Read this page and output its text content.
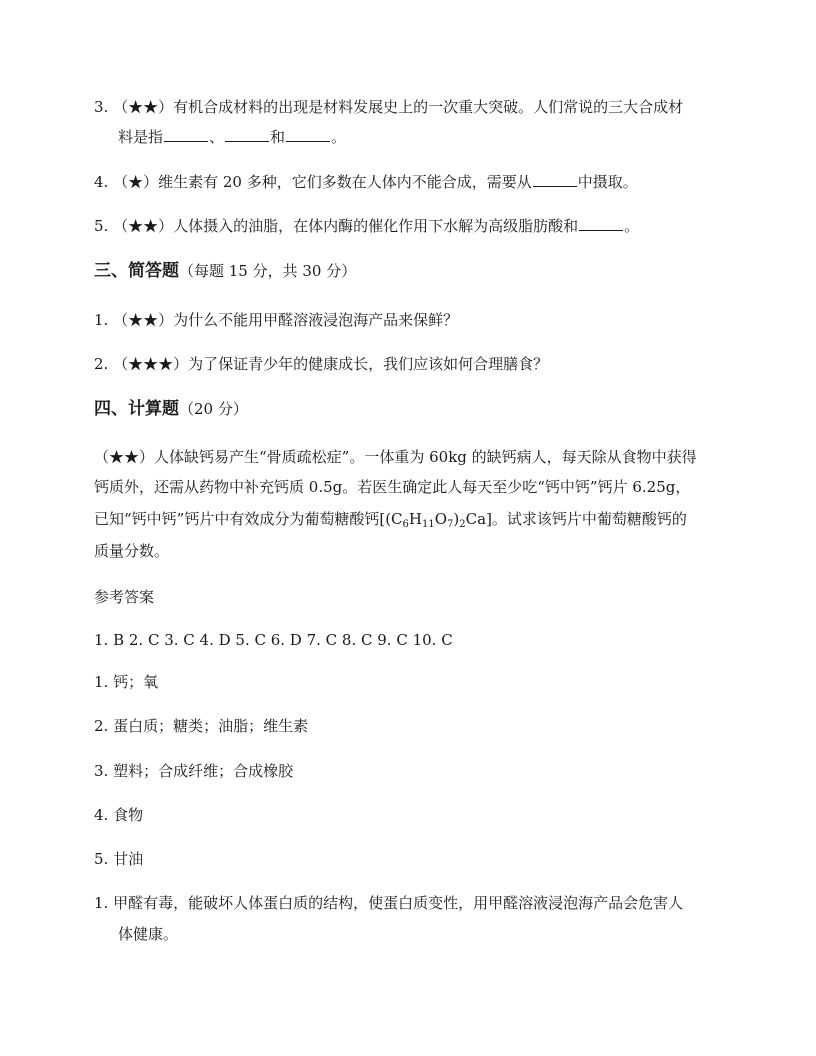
3. （★★）有机合成材料的出现是材料发展史上的一次重大突破。人们常说的三大合成材
料是指	、	和	。
4. （★）维生素有 20 多种，它们多数在人体内不能合成，需要从	中摄取。
5. （★★）人体摄入的油脂，在体内酶的催化作用下水解为高级脂肪酸和	。
三、简答题（每题 15 分，共 30 分）
1. （★★）为什么不能用甲醛溶液浸泡海产品来保鲜？
2. （★★★）为了保证青少年的健康成长，我们应该如何合理膳食？
四、计算题（20 分）
（★★）人体缺钙易产生“骨质疏松症”。一体重为 60kg 的缺钙病人，每天除从食物中获得
钙质外，还需从药物中补充钙质 0.5g。若医生确定此人每天至少吃“钙中钙”钙片 6.25g，
已知“钙中钙”钙片中有效成分为葡萄糖酸钙$[(C_6H_{11}O_7)_2Ca]$。试求该钙片中葡萄糖酸钙的
质量分数。
参考答案
1. B 2. C 3. C 4. D 5. C 6. D 7. C 8. C 9. C 10. C
1. 钙；氧
2. 蛋白质；糖类；油脂；维生素
3. 塑料；合成纤维；合成橡胶
4. 食物
5. 甘油
1. 甲醛有毒，能破坏人体蛋白质的结构，使蛋白质变性，用甲醛溶液浸泡海产品会危害人
体健康。
